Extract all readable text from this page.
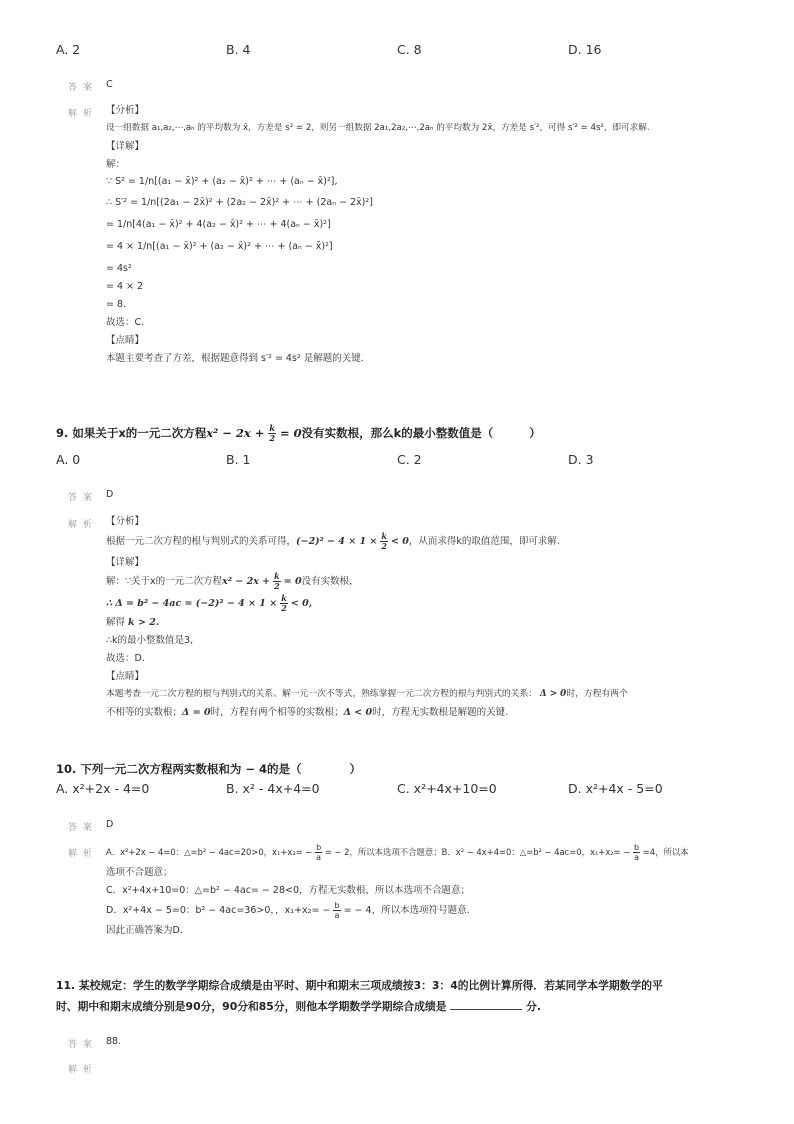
A. 2	B. 4	C. 8	D. 16
答案 C
解析 【分析】
设一组数据 a₁,a₂,⋯,aₙ 的平均数为 x̄，方差是 s² = 2，则另一组数据 2a₁,2a₂,⋯,2aₙ 的平均数为 2x̄，方差是 s′²，可得 s′² = 4s²，即可求解.
【详解】
解：
∵ S² = 1/n[(a₁ − x̄)² + (a₂ − x̄)² + ⋯ + (aₙ − x̄)²],
∴ S′² = 1/n[(2a₁ − 2x̄)² + (2a₂ − 2x̄)² + ⋯ + (2aₙ − 2x̄)²]
= 1/n[4(a₁ − x̄)² + 4(a₂ − x̄)² + ⋯ + 4(aₙ − x̄)²]
= 4 × 1/n[(a₁ − x̄)² + (a₂ − x̄)² + ⋯ + (aₙ − x̄)²]
= 4s²
= 4 × 2
= 8.
故选：C.
【点睛】
本题主要考查了方差，根据题意得到 s′² = 4s² 是解题的关键.
9. 如果关于x的一元二次方程$x^2 - 2x + \frac{k}{2} = 0$没有实数根，那么k的最小整数值是（	）
A. 0	B. 1	C. 2	D. 3
答案 D
解析 【分析】
根据一元二次方程的根与判别式的关系可得，$(-2)^2 - 4 \times 1 \times \frac{k}{2} < 0$，从而求得k的取值范围，即可求解.
【详解】
解：∵关于x的一元二次方程$x^2 - 2x + \frac{k}{2} = 0$没有实数根，
∴ $\Delta = b^2 - 4ac = (-2)^2 - 4 \times 1 \times \frac{k}{2} < 0$,
解得 k > 2.
∴k的最小整数值是3,
故选：D.
【点睛】
本题考查一元二次方程的根与判别式的关系、解一元一次不等式，熟练掌握一元二次方程的根与判别式的关系： Δ > 0时，方程有两个
不相等的实数根；Δ = 0时，方程有两个相等的实数根；Δ < 0时，方程无实数根是解题的关键.
10. 下列一元二次方程两实数根和为 − 4的是（	）
A. x²+2x - 4=0	B. x² - 4x+4=0	C. x²+4x+10=0	D. x²+4x - 5=0
答案 D
解析 A．x²+2x − 4=0：△=b² − 4ac=20>0，$x_1+x_2= - \frac{b}{a}$ = − 2，所以本选项不合题意；B．x² − 4x+4=0：△=b² − 4ac=0，$x_1+x_2= - \frac{b}{a} =4$，所以本
选项不合题意；
C．x²+4x+10=0：△=b² − 4ac= − 28<0，方程无实数根，所以本选项不合题意；
D．x²+4x − 5=0：b² − 4ac=36>0，，$x_1+x_2= - \frac{b}{a}$ = − 4，所以本选项符号题意.
因此正确答案为D.
11. 某校规定：学生的数学学期综合成绩是由平时、期中和期末三项成绩按3：3：4的比例计算所得．若某同学本学期数学的平
时、期中和期末成绩分别是90分，90分和85分，则他本学期数学学期综合成绩是	分.
答案 88.
解析
